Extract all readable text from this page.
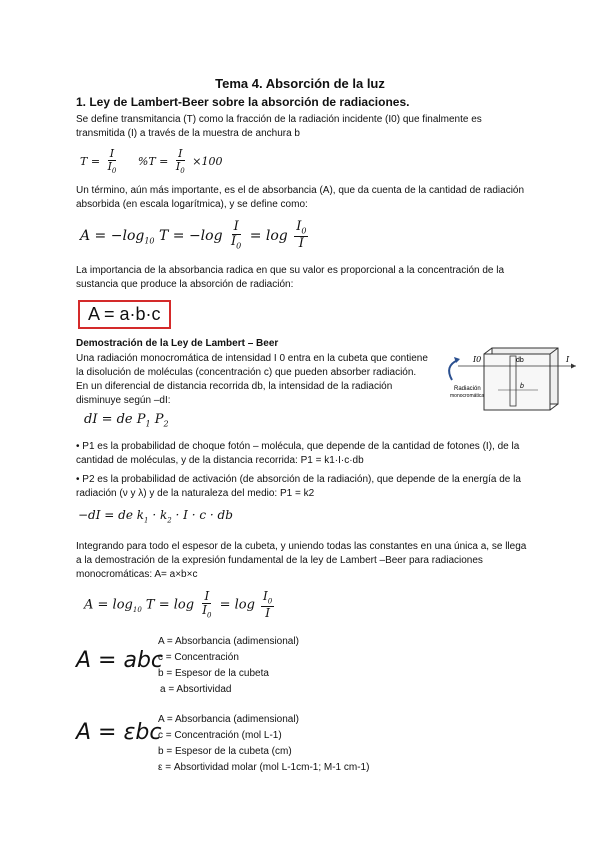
Tema 4. Absorción de la luz
1. Ley de Lambert-Beer sobre la absorción de radiaciones.
Se define transmitancia (T) como la fracción de la radiación incidente (I0) que finalmente es
transmitida (I) a través de la muestra de anchura b
$T = \frac{I}{I_0} \%T = \frac{I}{I_0} \times 100$
Un término, aún más importante, es el de absorbancia (A), que da cuenta de la cantidad de radiación
absorbida (en escala logarítmica), y se define como:
$A = -\log_{10}$ $T = -\log \frac{I}{I_0} = \log \frac{I_0}{I}$
La importancia de la absorbancia radica en que su valor es proporcional a la concentración de la
sustancia que produce la absorción de radiación:
A = a·b·c
Demostración de la Ley de Lambert – Beer
Una radiación monocromática de intensidad I 0 entra en la cubeta que contiene
la disolución de moléculas (concentración c) que pueden absorber radiación.
En un diferencial de distancia recorrida db, la intensidad de la radiación
disminuye según –dI:
dI = de $P_1$ $P_2$
I0	db	I
b
Radiación
monocromática
• P1 es la probabilidad de choque fotón – molécula, que depende de la cantidad de fotones (I), de la
cantidad de moléculas, y de la distancia recorrida: P1 = k1·I·c·db
• P2 es la probabilidad de activación (de absorción de la radiación), que depende de la energía de la
radiación (ν y λ) y de la naturaleza del medio: P1 = k2
−dI = de $k_1 \cdot k_2 \cdot I \cdot c$ · db
Integrando para todo el espesor de la cubeta, y uniendo todas las constantes en una única a, se llega
a la demostración de la expresión fundamental de la ley de Lambert –Beer para radiaciones
monocromáticas: A= a×b×c
$A = \log_{10} T = \log \frac{I}{I_0} = \log \frac{I_0}{I}$
A = abc
A = Absorbancia (adimensional)
c = Concentración
b = Espesor de la cubeta
a = Absortividad
A = εbc
A = Absorbancia (adimensional)
c = Concentración (mol L-1)
b = Espesor de la cubeta (cm)
ε = Absortividad molar (mol L-1cm-1; M-1 cm-1)
